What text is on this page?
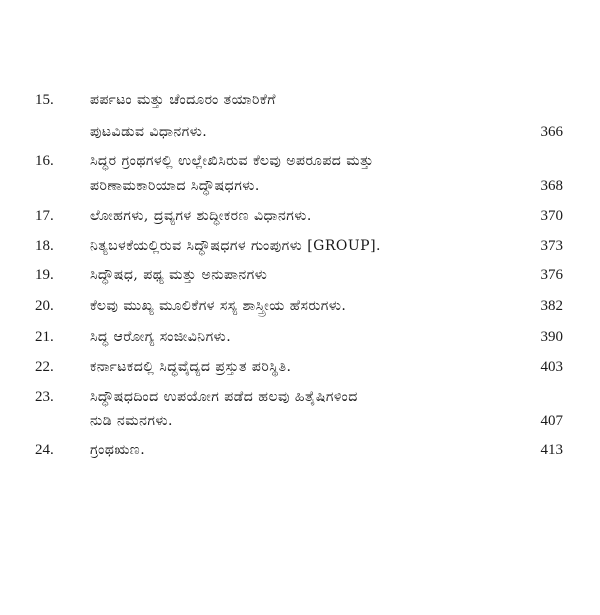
15.	ಪರ್ಪಟಂ ಮತ್ತು ಚೆಂದೂರಂ ತಯಾರಿಕೆಗೆ
ಪುಟವಿಡುವ ವಿಧಾನಗಳು.	366
16.	ಸಿದ್ಧರ ಗ್ರಂಥಗಳಲ್ಲಿ ಉಲ್ಲೇಖಿಸಿರುವ ಕೆಲವು ಅಪರೂಪದ ಮತ್ತು
ಪರಿಣಾಮಕಾರಿಯಾದ ಸಿದ್ಧೌಷಧಗಳು.	368
17.	ಲೋಹಗಳು, ದ್ರವ್ಯಗಳ ಶುದ್ಧೀಕರಣ ವಿಧಾನಗಳು.	370
18.	ನಿತ್ಯಬಳಕೆಯಲ್ಲಿರುವ ಸಿದ್ಧೌಷಧಗಳ ಗುಂಪುಗಳು [GROUP].	373
19.	ಸಿದ್ಧೌಷಧ, ಪಥ್ಯ ಮತ್ತು ಅನುಪಾನಗಳು	376
20.	ಕೆಲವು ಮುಖ್ಯ ಮೂಲಿಕೆಗಳ ಸಸ್ಯ ಶಾಸ್ತ್ರೀಯ ಹೆಸರುಗಳು.	382
21.	ಸಿದ್ಧ ಆರೋಗ್ಯ ಸಂಜೀವಿನಿಗಳು.	390
22.	ಕರ್ನಾಟಕದಲ್ಲಿ ಸಿದ್ಧವೈದ್ಯದ ಪ್ರಸ್ತುತ ಪರಿಸ್ಥಿತಿ.	403
23.	ಸಿದ್ಧೌಷಧದಿಂದ ಉಪಯೋಗ ಪಡೆದ ಹಲವು ಹಿತೈಷಿಗಳಿಂದ
ನುಡಿ ನಮನಗಳು.	407
24.	ಗ್ರಂಥಋಣ.	413
